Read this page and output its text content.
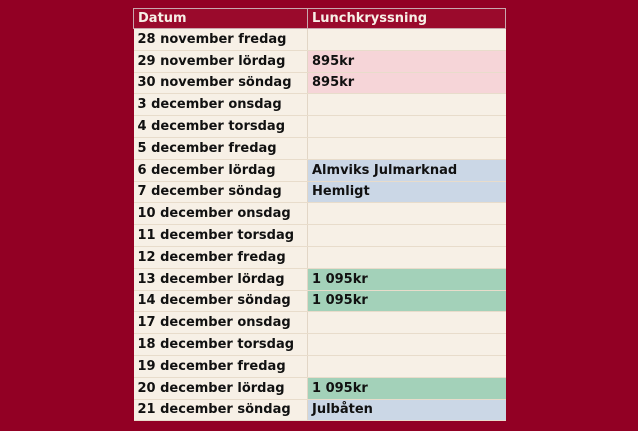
Datum	Lunchkryssning
28 november fredag	
29 november lördag	895kr
30 november söndag	895kr
3 december onsdag	
4 december torsdag	
5 december fredag	
6 december lördag	Almviks Julmarknad
7 december söndag	Hemligt
10 december onsdag	
11 december torsdag	
12 december fredag	
13 december lördag	1 095kr
14 december söndag	1 095kr
17 december onsdag	
18 december torsdag	
19 december fredag	
20 december lördag	1 095kr
21 december söndag	Julbåten
